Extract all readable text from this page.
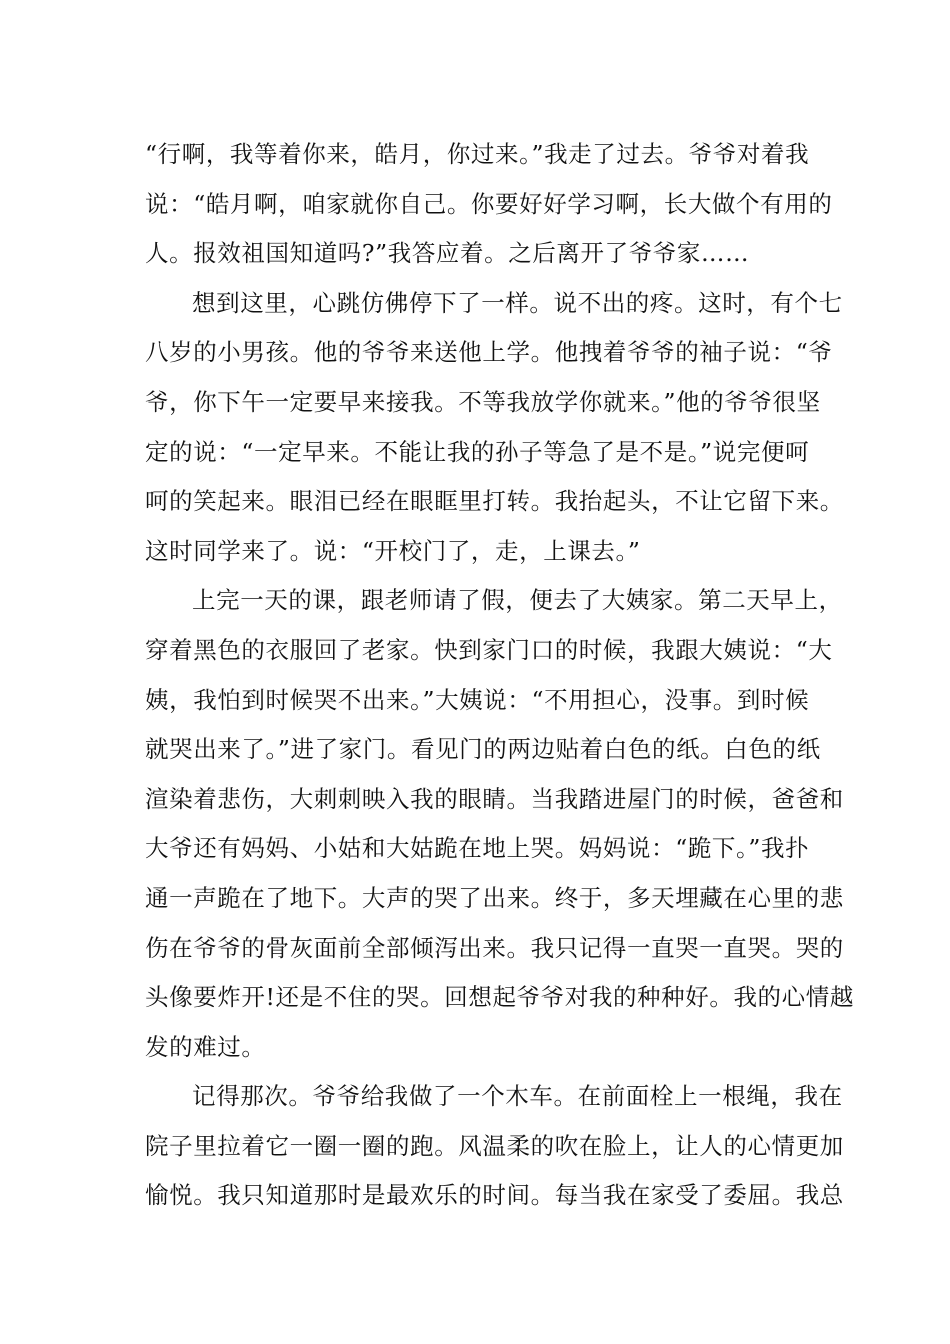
“行啊，我等着你来，皓月，你过来。”我走了过去。爷爷对着我
说：“皓月啊，咱家就你自己。你要好好学习啊，长大做个有用的
人。报效祖国知道吗?”我答应着。之后离开了爷爷家……
想到这里，心跳仿佛停下了一样。说不出的疼。这时，有个七
八岁的小男孩。他的爷爷来送他上学。他拽着爷爷的袖子说：“爷
爷，你下午一定要早来接我。不等我放学你就来。”他的爷爷很坚
定的说：“一定早来。不能让我的孙子等急了是不是。”说完便呵
呵的笑起来。眼泪已经在眼眶里打转。我抬起头，不让它留下来。
这时同学来了。说：“开校门了，走，上课去。”
上完一天的课，跟老师请了假，便去了大姨家。第二天早上，
穿着黑色的衣服回了老家。快到家门口的时候，我跟大姨说：“大
姨，我怕到时候哭不出来。”大姨说：“不用担心，没事。到时候
就哭出来了。”进了家门。看见门的两边贴着白色的纸。白色的纸
渲染着悲伤，大刺刺映入我的眼睛。当我踏进屋门的时候，爸爸和
大爷还有妈妈、小姑和大姑跪在地上哭。妈妈说：“跪下。”我扑
通一声跪在了地下。大声的哭了出来。终于，多天埋藏在心里的悲
伤在爷爷的骨灰面前全部倾泻出来。我只记得一直哭一直哭。哭的
头像要炸开!还是不住的哭。回想起爷爷对我的种种好。我的心情越
发的难过。
记得那次。爷爷给我做了一个木车。在前面栓上一根绳，我在
院子里拉着它一圈一圈的跑。风温柔的吹在脸上，让人的心情更加
愉悦。我只知道那时是最欢乐的时间。每当我在家受了委屈。我总
